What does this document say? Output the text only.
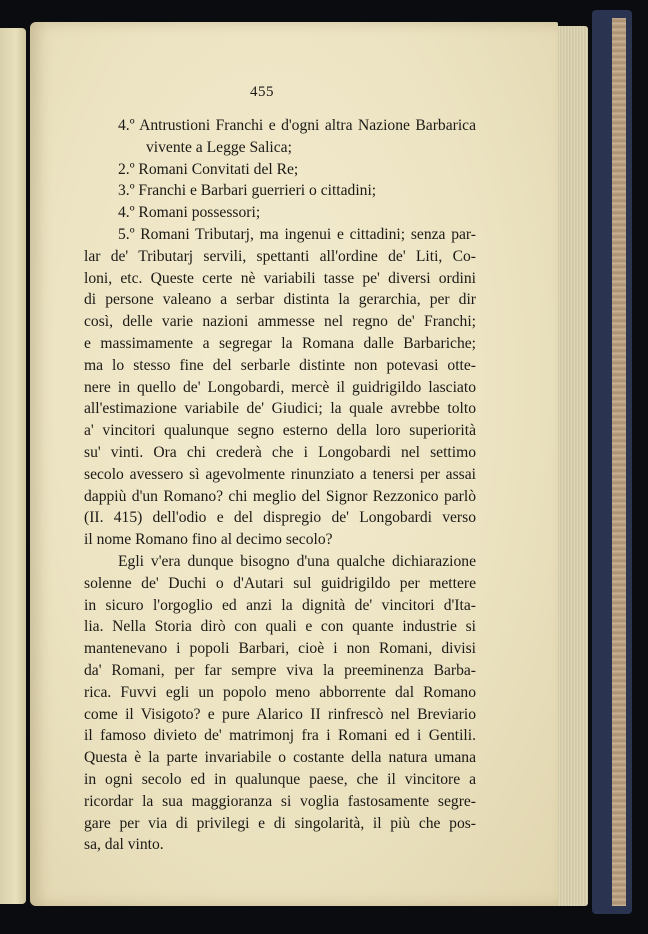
455
4.º Antrustioni Franchi e d'ogni altra Nazione Barbarica
vivente a Legge Salica;
2.º Romani Convitati del Re;
3.º Franchi e Barbari guerrieri o cittadini;
4.º Romani possessori;
5.º Romani Tributarj, ma ingenui e cittadini; senza par-
lar de' Tributarj servili, spettanti all'ordine de' Liti, Co-
loni, etc. Queste certe nè variabili tasse pe' diversi ordini
di persone valeano a serbar distinta la gerarchia, per dir
così, delle varie nazioni ammesse nel regno de' Franchi;
e massimamente a segregar la Romana dalle Barbariche;
ma lo stesso fine del serbarle distinte non potevasi otte-
nere in quello de' Longobardi, mercè il guidrigildo lasciato
all'estimazione variabile de' Giudici; la quale avrebbe tolto
a' vincitori qualunque segno esterno della loro superiorità
su' vinti. Ora chi crederà che i Longobardi nel settimo
secolo avessero sì agevolmente rinunziato a tenersi per assai
dappiù d'un Romano? chi meglio del Signor Rezzonico parlò
(II. 415) dell'odio e del dispregio de' Longobardi verso
il nome Romano fino al decimo secolo?
Egli v'era dunque bisogno d'una qualche dichiarazione
solenne de' Duchi o d'Autari sul guidrigildo per mettere
in sicuro l'orgoglio ed anzi la dignità de' vincitori d'Ita-
lia. Nella Storia dirò con quali e con quante industrie si
mantenevano i popoli Barbari, cioè i non Romani, divisi
da' Romani, per far sempre viva la preeminenza Barba-
rica. Fuvvi egli un popolo meno abborrente dal Romano
come il Visigoto? e pure Alarico II rinfrescò nel Breviario
il famoso divieto de' matrimonj fra i Romani ed i Gentili.
Questa è la parte invariabile o costante della natura umana
in ogni secolo ed in qualunque paese, che il vincitore a
ricordar la sua maggioranza si voglia fastosamente segre-
gare per via di privilegi e di singolarità, il più che pos-
sa, dal vinto.
